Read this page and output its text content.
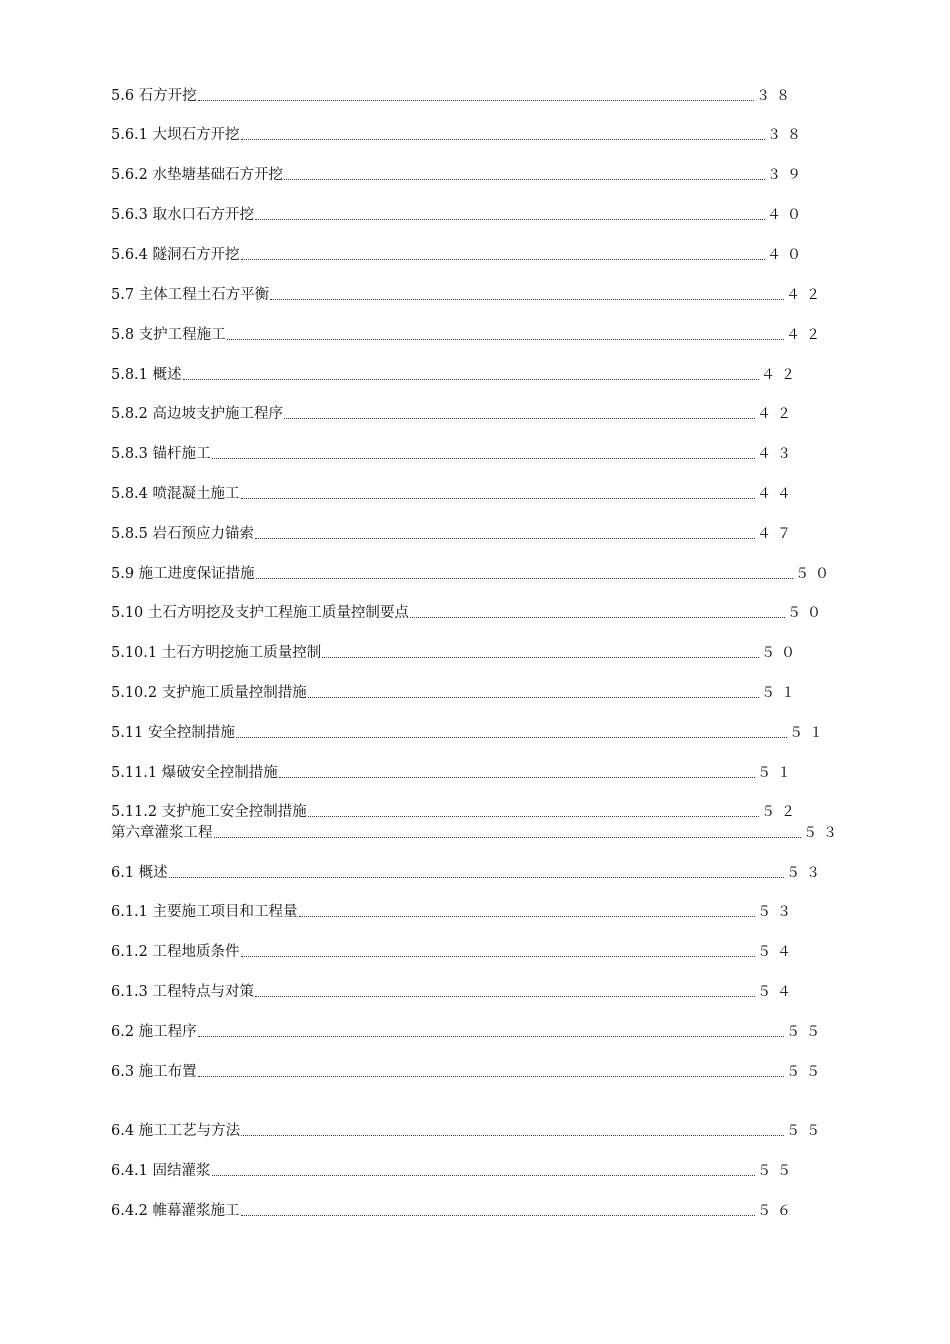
5.6 石方开挖	３８
5.6.1 大坝石方开挖	３８
5.6.2 水垫塘基础石方开挖	３９
5.6.3 取水口石方开挖	４０
5.6.4 隧洞石方开挖	４０
5.7 主体工程土石方平衡	４２
5.8 支护工程施工	４２
5.8.1 概述	４２
5.8.2 高边坡支护施工程序	４２
5.8.3 锚杆施工	４３
5.8.4 喷混凝土施工	４４
5.8.5 岩石预应力锚索	４７
5.9 施工进度保证措施	５０
5.10 土石方明挖及支护工程施工质量控制要点	５０
5.10.1 土石方明挖施工质量控制	５０
5.10.2 支护施工质量控制措施	５１
5.11 安全控制措施	５１
5.11.1 爆破安全控制措施	５１
5.11.2 支护施工安全控制措施	５２
第六章灌浆工程	５３
6.1 概述	５３
6.1.1 主要施工项目和工程量	５３
6.1.2 工程地质条件	５４
6.1.3 工程特点与对策	５４
6.2 施工程序	５５
6.3 施工布置	５５
6.4 施工工艺与方法	５５
6.4.1 固结灌浆	５５
6.4.2 帷幕灌浆施工	５６
